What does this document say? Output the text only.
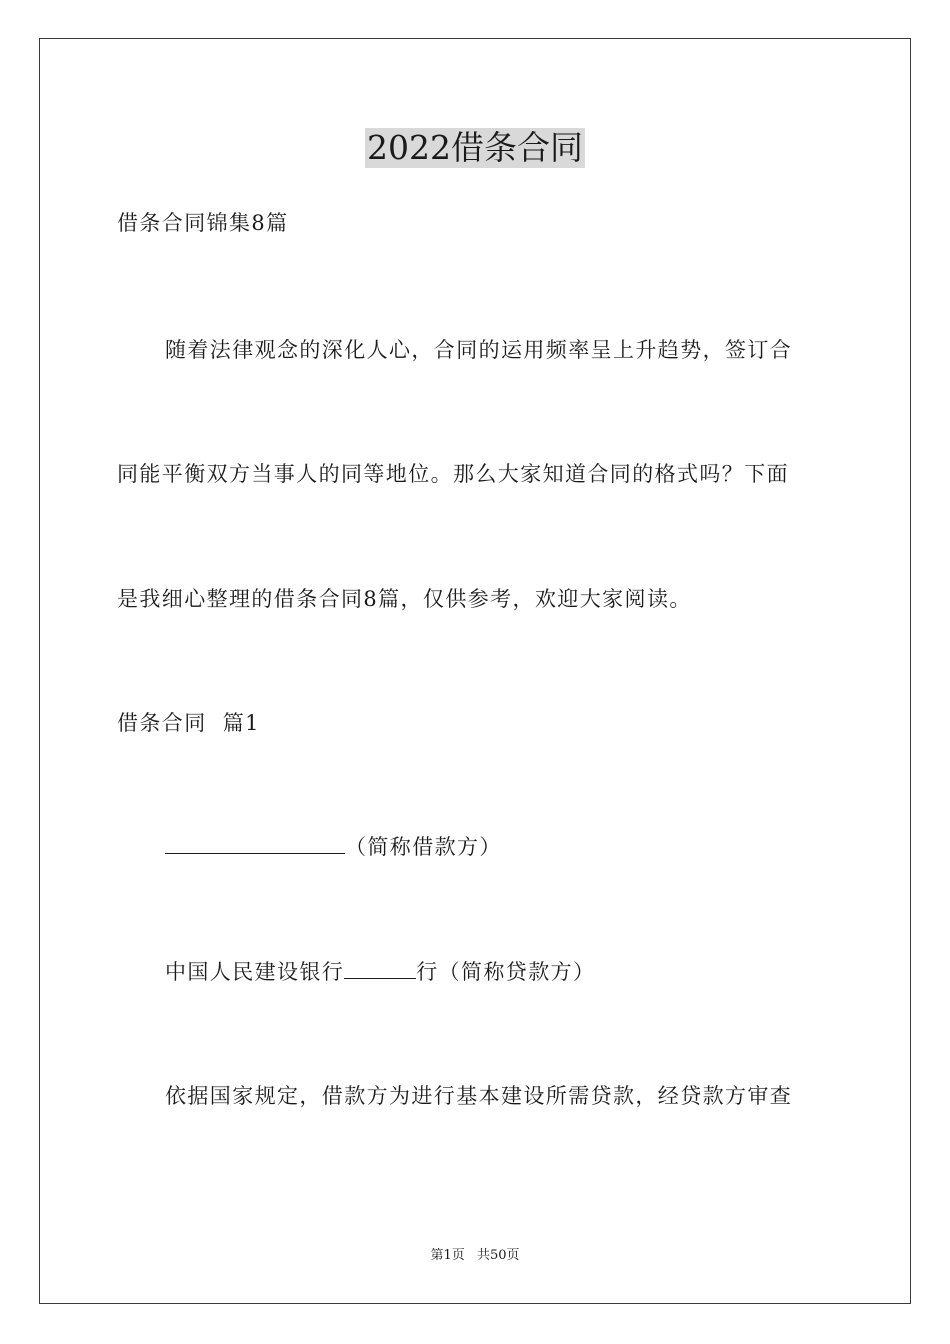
2022借条合同
借条合同锦集8篇
随着法律观念的深化人心，合同的运用频率呈上升趋势，签订合
同能平衡双方当事人的同等地位。那么大家知道合同的格式吗？下面
是我细心整理的借条合同8篇，仅供参考，欢迎大家阅读。
借条合同  篇1
（简称借款方）
中国人民建设银行	行（简称贷款方）
依据国家规定，借款方为进行基本建设所需贷款，经贷款方审查
第1页 共50页
